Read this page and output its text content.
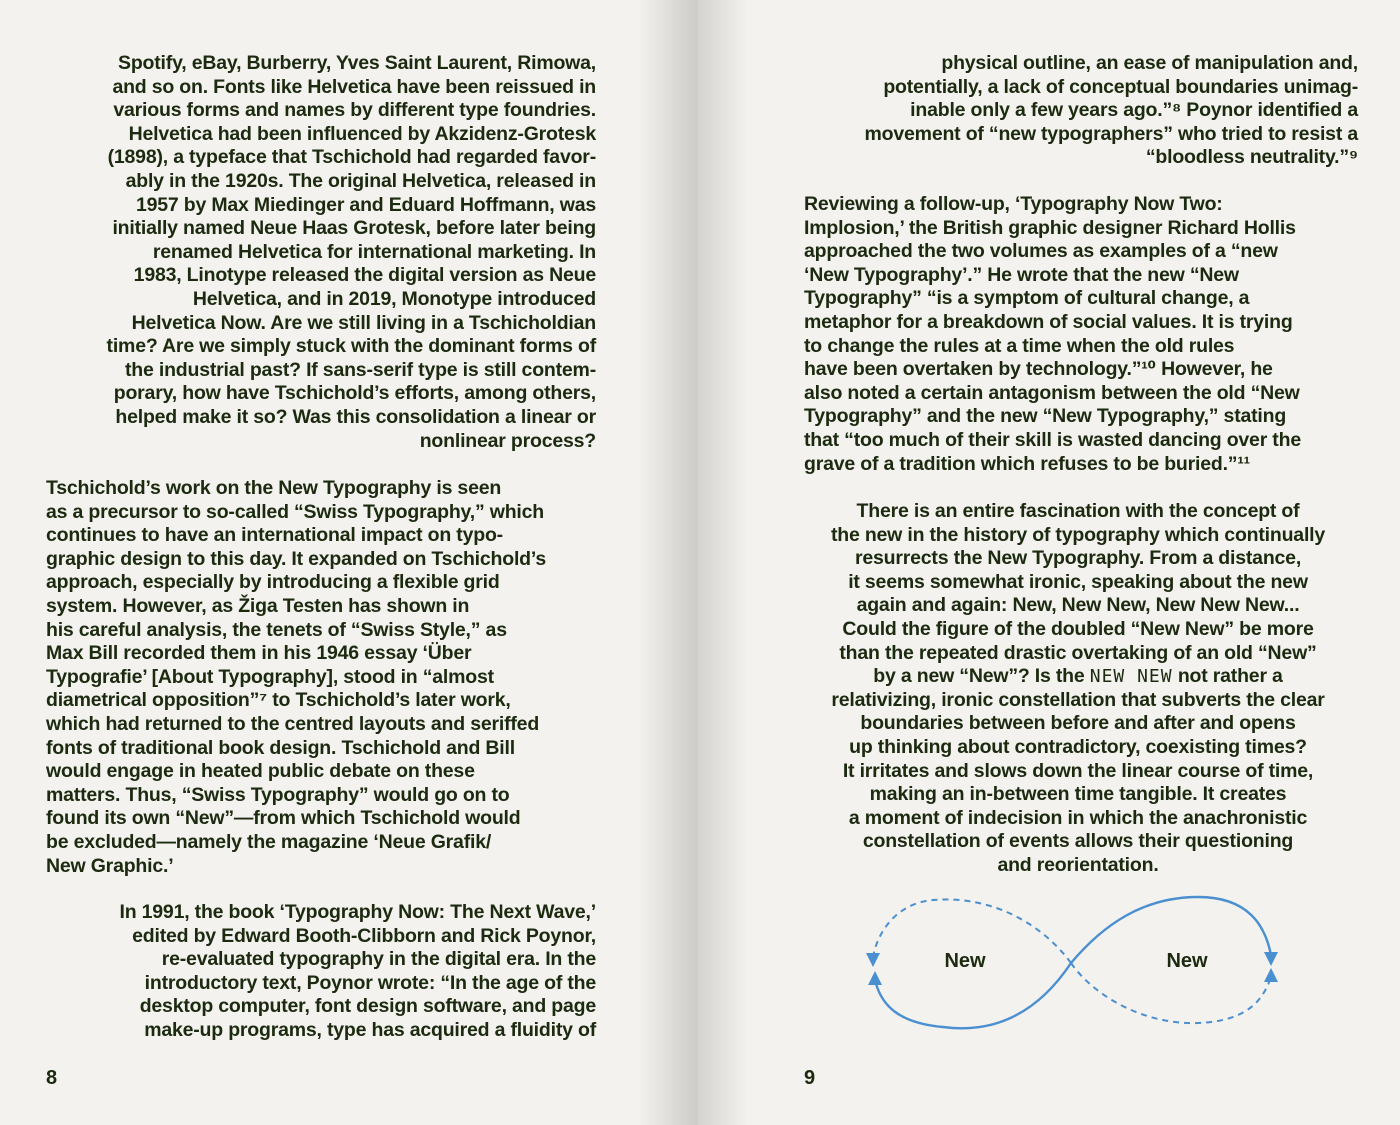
Spotify, eBay, Burberry, Yves Saint Laurent, Rimowa,
and so on. Fonts like Helvetica have been reissued in
various forms and names by different type foundries.
Helvetica had been influenced by Akzidenz-Grotesk
(1898), a typeface that Tschichold had regarded favor-
ably in the 1920s. The original Helvetica, released in
1957 by Max Miedinger and Eduard Hoffmann, was
initially named Neue Haas Grotesk, before later being
renamed Helvetica for international marketing. In
1983, Linotype released the digital version as Neue
Helvetica, and in 2019, Monotype introduced
Helvetica Now. Are we still living in a Tschicholdian
time? Are we simply stuck with the dominant forms of
the industrial past? If sans-serif type is still contem-
porary, how have Tschichold’s efforts, among others,
helped make it so? Was this consolidation a linear or
nonlinear process?
Tschichold’s work on the New Typography is seen
as a precursor to so-called “Swiss Typography,” which
continues to have an international impact on typo-
graphic design to this day. It expanded on Tschichold’s
approach, especially by introducing a flexible grid
system. However, as Žiga Testen has shown in
his careful analysis, the tenets of “Swiss Style,” as
Max Bill recorded them in his 1946 essay ‘Über
Typografie’ [About Typography], stood in “almost
diametrical opposition”⁷ to Tschichold’s later work,
which had returned to the centred layouts and seriffed
fonts of traditional book design. Tschichold and Bill
would engage in heated public debate on these
matters. Thus, “Swiss Typography” would go on to
found its own “New”—from which Tschichold would
be excluded—namely the magazine ‘Neue Grafik/
New Graphic.’
In 1991, the book ‘Typography Now: The Next Wave,’
edited by Edward Booth-Clibborn and Rick Poynor,
re-evaluated typography in the digital era. In the
introductory text, Poynor wrote: “In the age of the
desktop computer, font design software, and page
make-up programs, type has acquired a fluidity of
8
physical outline, an ease of manipulation and,
potentially, a lack of conceptual boundaries unimag-
inable only a few years ago.”⁸ Poynor identified a
movement of “new typographers” who tried to resist a
“bloodless neutrality.”⁹
Reviewing a follow-up, ‘Typography Now Two:
Implosion,’ the British graphic designer Richard Hollis
approached the two volumes as examples of a “new
‘New Typography’.” He wrote that the new “New
Typography” “is a symptom of cultural change, a
metaphor for a breakdown of social values. It is trying
to change the rules at a time when the old rules
have been overtaken by technology.”¹⁰ However, he
also noted a certain antagonism between the old “New
Typography” and the new “New Typography,” stating
that “too much of their skill is wasted dancing over the
grave of a tradition which refuses to be buried.”¹¹
There is an entire fascination with the concept of
the new in the history of typography which continually
resurrects the New Typography. From a distance,
it seems somewhat ironic, speaking about the new
again and again: New, New New, New New New...
Could the figure of the doubled “New New” be more
than the repeated drastic overtaking of an old “New”
by a new “New”? Is the NEW NEW not rather a
relativizing, ironic constellation that subverts the clear
boundaries between before and after and opens
up thinking about contradictory, coexisting times?
It irritates and slows down the linear course of time,
making an in-between time tangible. It creates
a moment of indecision in which the anachronistic
constellation of events allows their questioning
and reorientation.
New	New
9
